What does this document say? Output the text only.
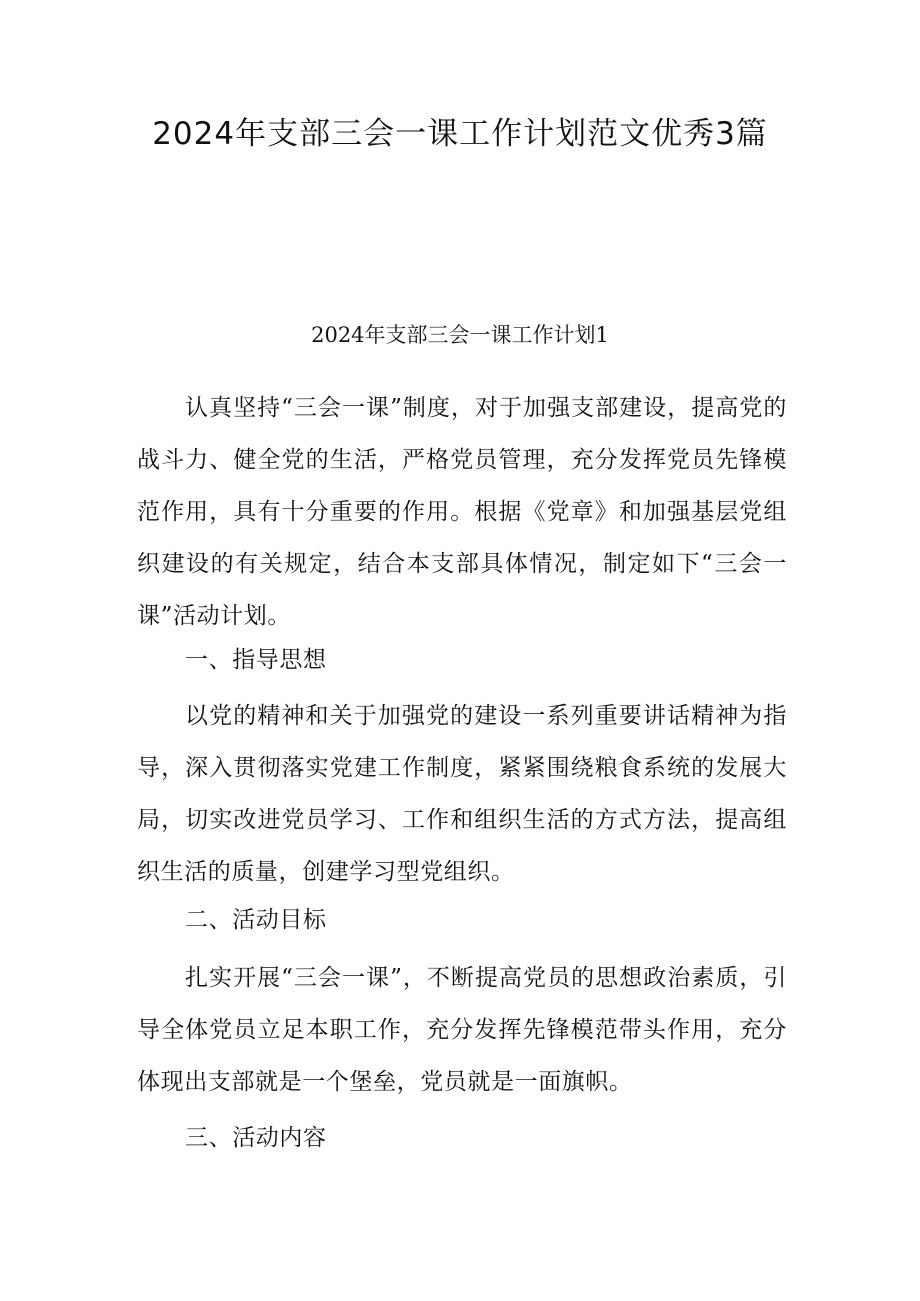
2024年支部三会一课工作计划范文优秀3篇
2024年支部三会一课工作计划1

认真坚持“三会一课”制度，对于加强支部建设，提高党的战斗力、健全党的生活，严格党员管理，充分发挥党员先锋模范作用，具有十分重要的作用。根据《党章》和加强基层党组织建设的有关规定，结合本支部具体情况，制定如下“三会一课”活动计划。

一、指导思想

以党的精神和关于加强党的建设一系列重要讲话精神为指导，深入贯彻落实党建工作制度，紧紧围绕粮食系统的发展大局，切实改进党员学习、工作和组织生活的方式方法，提高组织生活的质量，创建学习型党组织。

二、活动目标

扎实开展“三会一课”，不断提高党员的思想政治素质，引导全体党员立足本职工作，充分发挥先锋模范带头作用，充分体现出支部就是一个堡垒，党员就是一面旗帜。

三、活动内容
